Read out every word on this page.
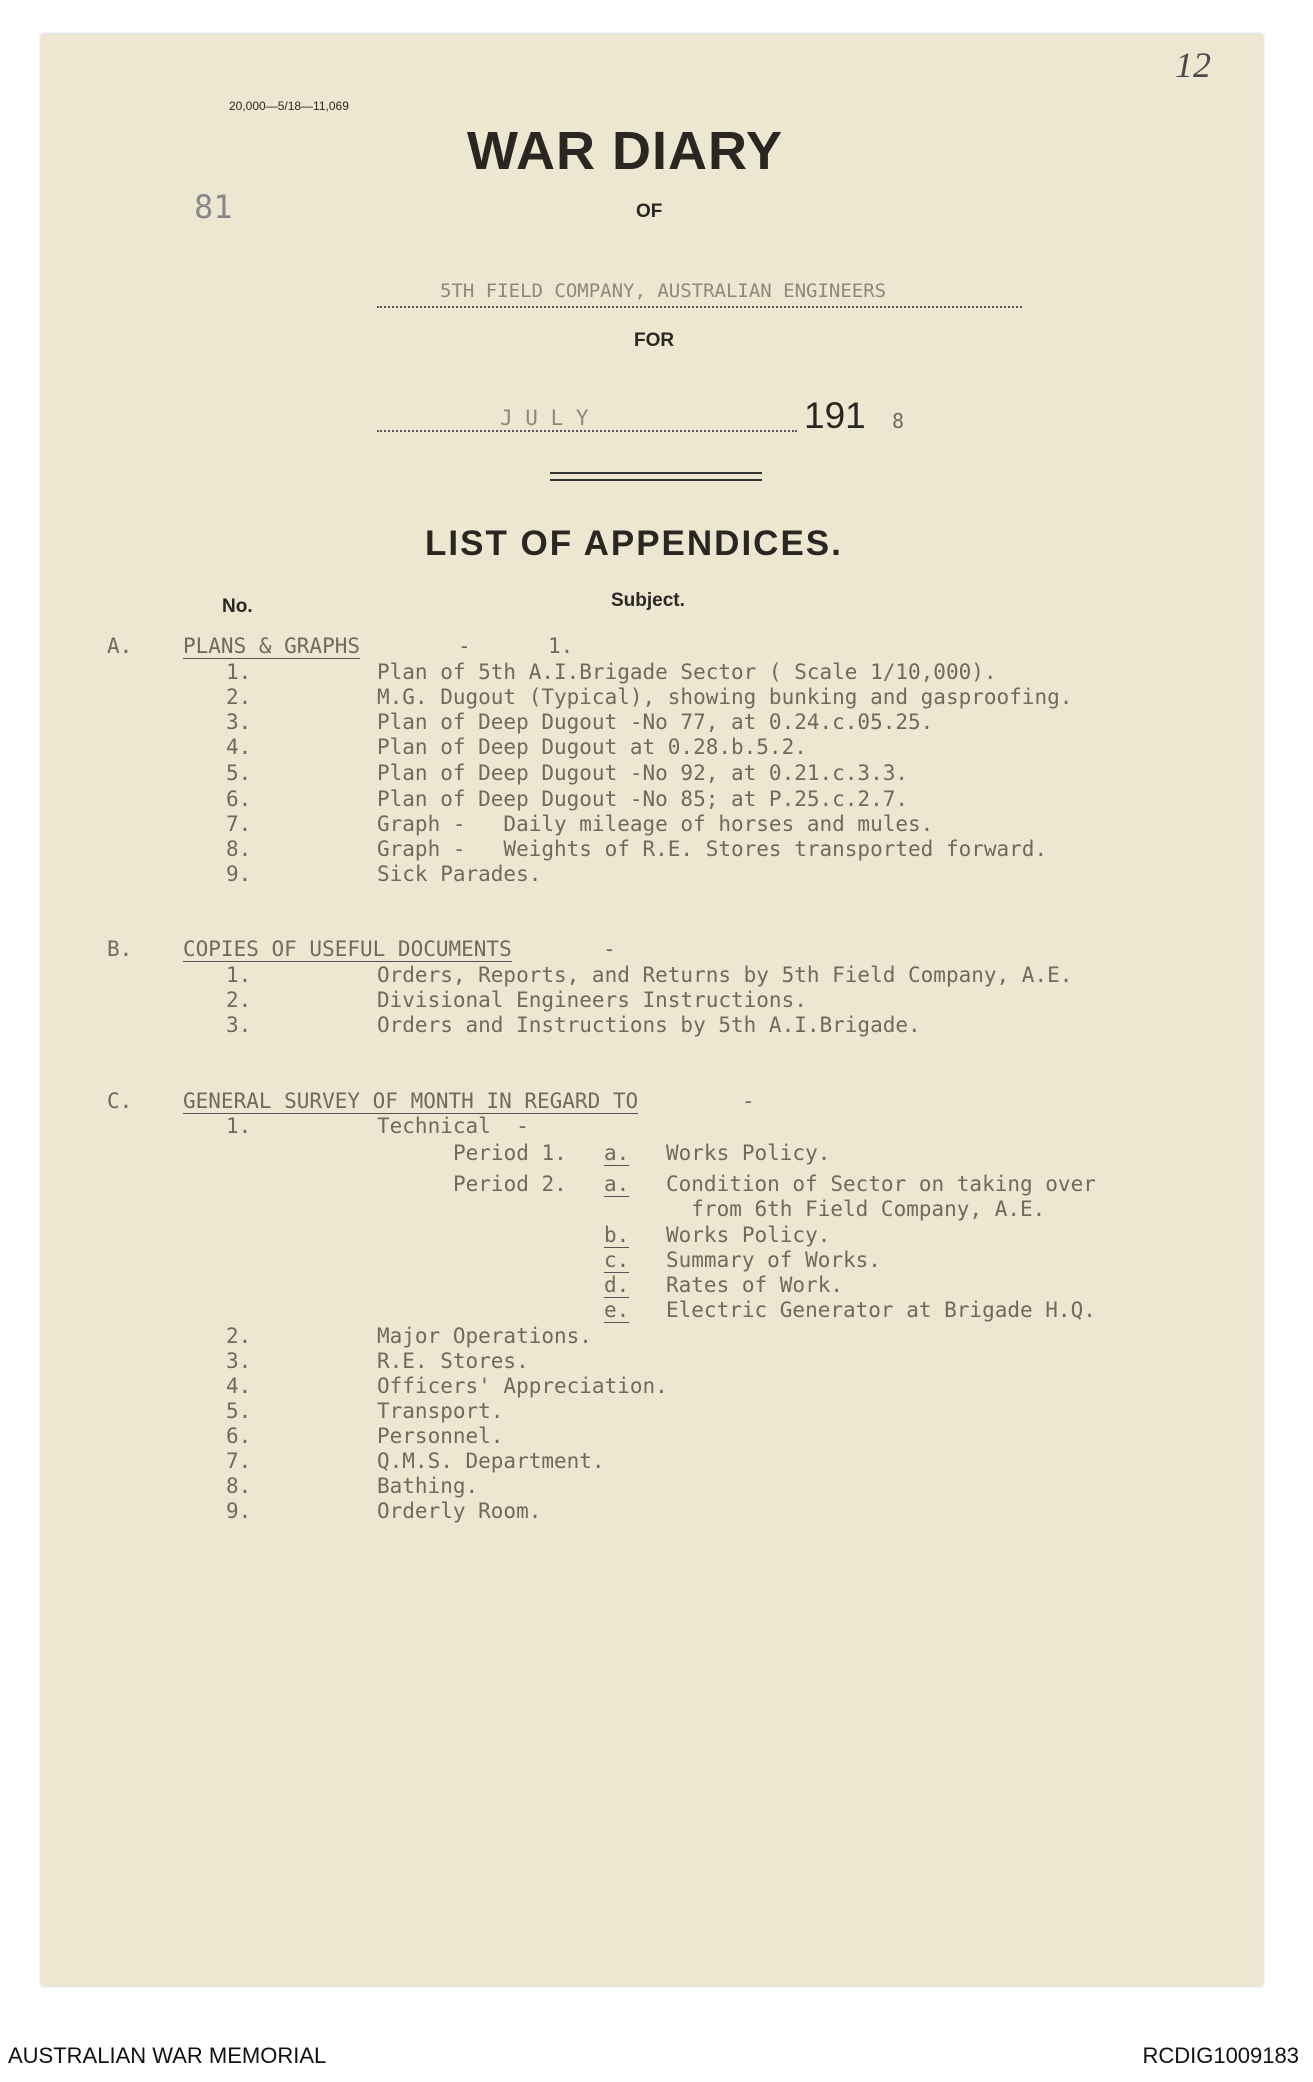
20,000—5/18—11,069
12
81
WAR DIARY
OF
5TH FIELD COMPANY, AUSTRALIAN ENGINEERS
FOR
J U L Y	191 8
LIST OF APPENDICES.
No.	Subject.
A. PLANS & GRAPHS	-	1.
1.	Plan of 5th A.I.Brigade Sector ( Scale 1/10,000).
2.	M.G. Dugout (Typical), showing bunking and gasproofing.
3.	Plan of Deep Dugout -No 77, at 0.24.c.05.25.
4.	Plan of Deep Dugout at 0.28.b.5.2.
5.	Plan of Deep Dugout -No 92, at 0.21.c.3.3.
6.	Plan of Deep Dugout -No 85; at P.25.c.2.7.
7.	Graph -   Daily mileage of horses and mules.
8.	Graph -   Weights of R.E. Stores transported forward.
9.	Sick Parades.
B. COPIES OF USEFUL DOCUMENTS	-
1.	Orders, Reports, and Returns by 5th Field Company, A.E.
2.	Divisional Engineers Instructions.
3.	Orders and Instructions by 5th A.I.Brigade.
C. GENERAL SURVEY OF MONTH IN REGARD TO	-
1.	Technical  -
Period 1. a. Works Policy.
Period 2. a. Condition of Sector on taking over
from 6th Field Company, A.E.
b. Works Policy.
c. Summary of Works.
d. Rates of Work.
e. Electric Generator at Brigade H.Q.
2.	Major Operations.
3.	R.E. Stores.
4.	Officers' Appreciation.
5.	Transport.
6.	Personnel.
7.	Q.M.S. Department.
8.	Bathing.
9.	Orderly Room.
AUSTRALIAN WAR MEMORIAL	RCDIG1009183
